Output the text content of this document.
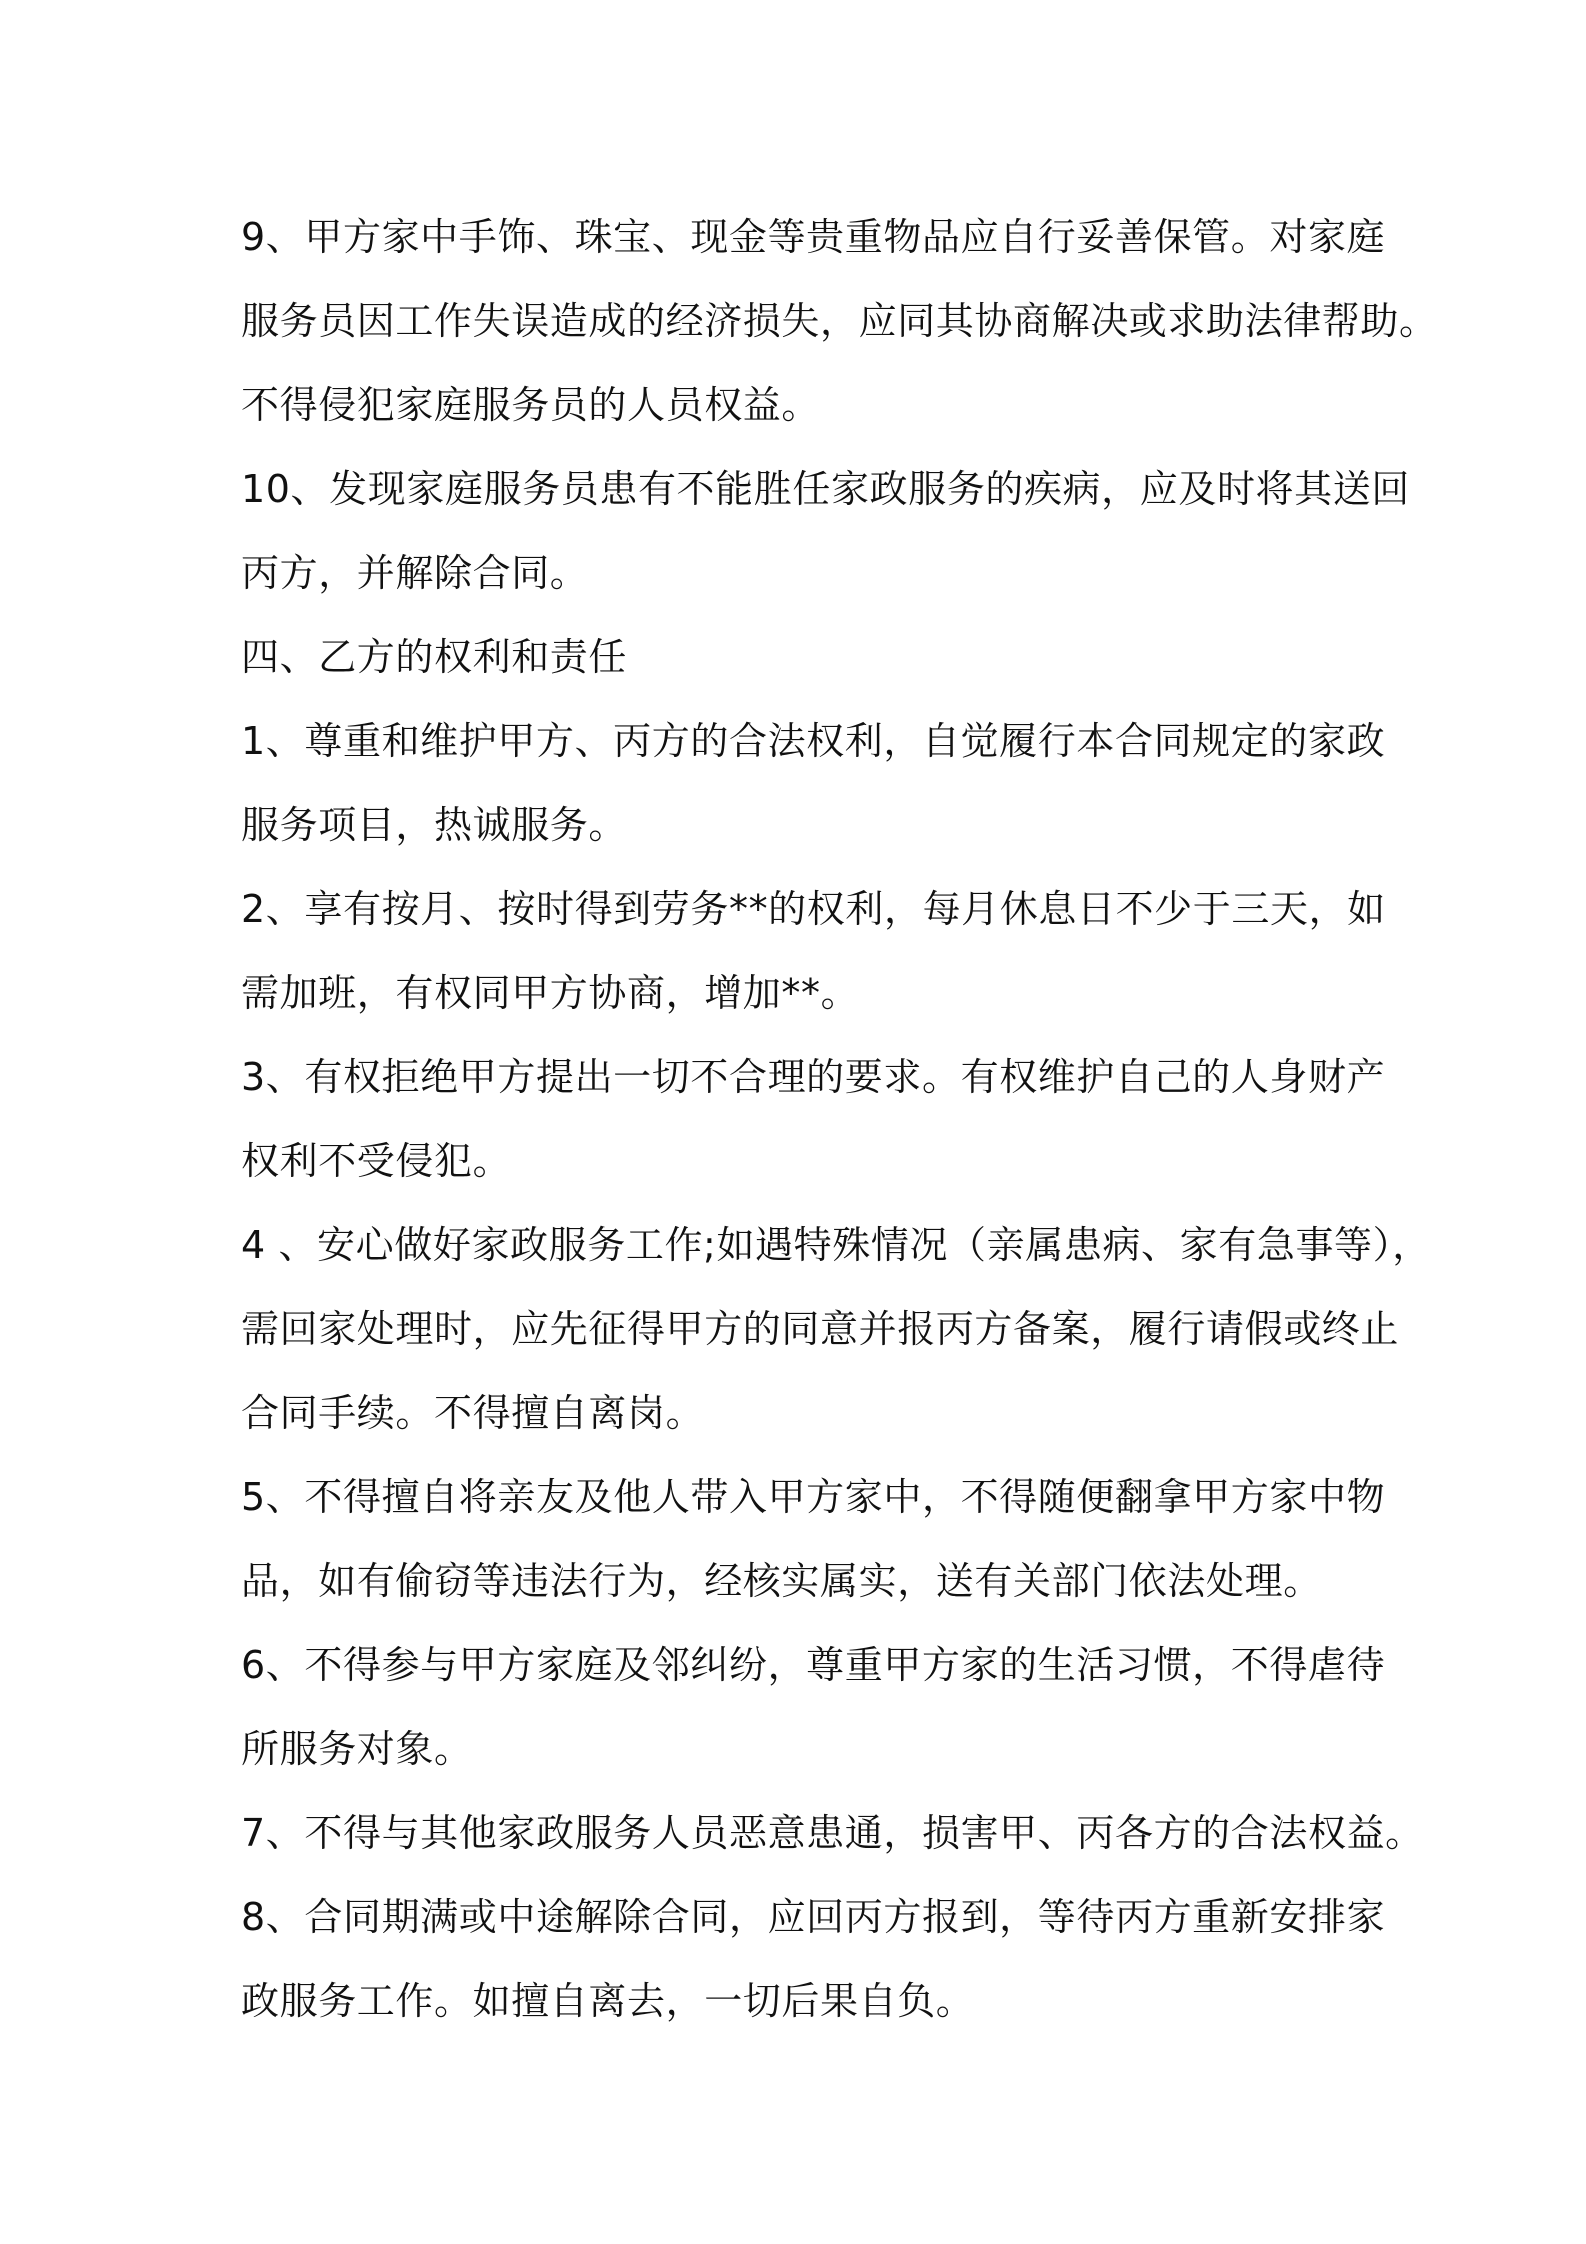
9、甲方家中手饰、珠宝、现金等贵重物品应自行妥善保管。对家庭
服务员因工作失误造成的经济损失，应同其协商解决或求助法律帮助。
不得侵犯家庭服务员的人员权益。

10、发现家庭服务员患有不能胜任家政服务的疾病，应及时将其送回
丙方，并解除合同。

四、乙方的权利和责任

1、尊重和维护甲方、丙方的合法权利，自觉履行本合同规定的家政
服务项目，热诚服务。

2、享有按月、按时得到劳务**的权利，每月休息日不少于三天，如
需加班，有权同甲方协商，增加**。

3、有权拒绝甲方提出一切不合理的要求。有权维护自己的人身财产
权利不受侵犯。

4 、安心做好家政服务工作;如遇特殊情况（亲属患病、家有急事等），
需回家处理时，应先征得甲方的同意并报丙方备案，履行请假或终止
合同手续。不得擅自离岗。

5、不得擅自将亲友及他人带入甲方家中，不得随便翻拿甲方家中物
品，如有偷窃等违法行为，经核实属实，送有关部门依法处理。

6、不得参与甲方家庭及邻纠纷，尊重甲方家的生活习惯，不得虐待
所服务对象。

7、不得与其他家政服务人员恶意患通，损害甲、丙各方的合法权益。

8、合同期满或中途解除合同，应回丙方报到，等待丙方重新安排家
政服务工作。如擅自离去，一切后果自负。
